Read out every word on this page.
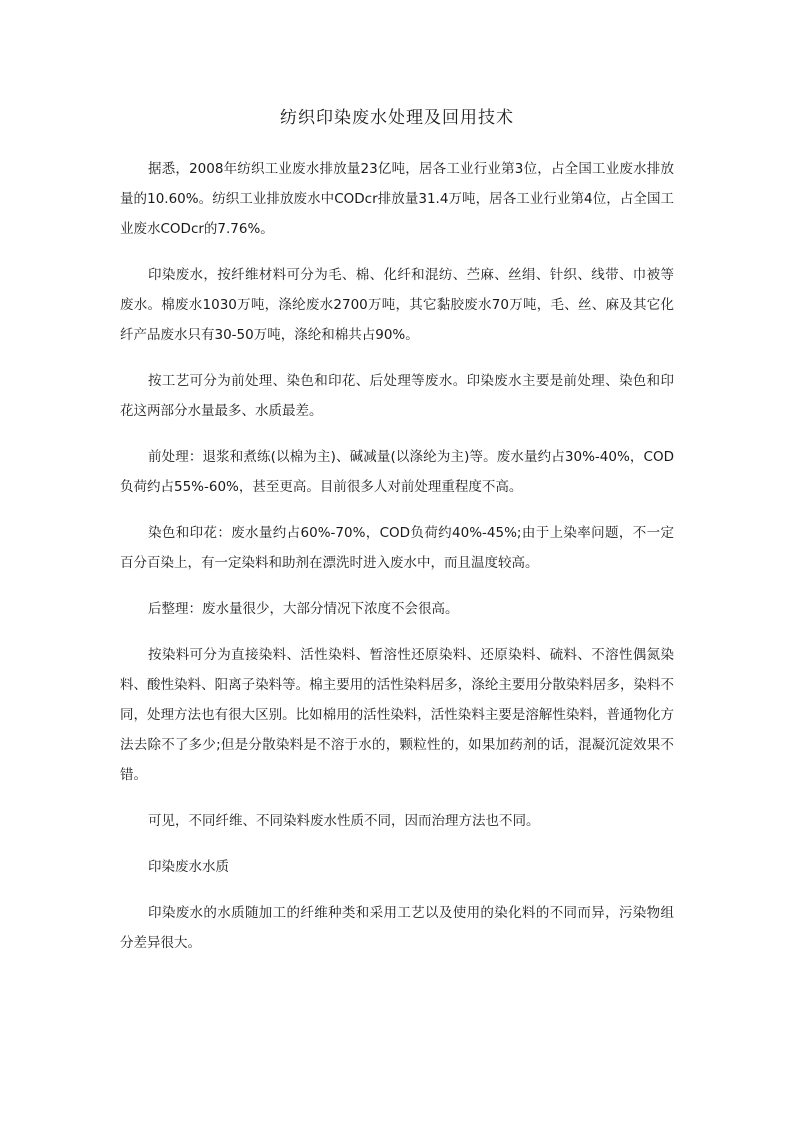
纺织印染废水处理及回用技术

据悉，2008年纺织工业废水排放量23亿吨，居各工业行业第3位，占全国工业废水排放量的10.60%。纺织工业排放废水中CODcr排放量31.4万吨，居各工业行业第4位，占全国工业废水CODcr的7.76%。

印染废水，按纤维材料可分为毛、棉、化纤和混纺、苎麻、丝绢、针织、线带、巾被等废水。棉废水1030万吨，涤纶废水2700万吨，其它黏胶废水70万吨，毛、丝、麻及其它化纤产品废水只有30-50万吨，涤纶和棉共占90%。

按工艺可分为前处理、染色和印花、后处理等废水。印染废水主要是前处理、染色和印花这两部分水量最多、水质最差。

前处理：退浆和煮练(以棉为主)、碱减量(以涤纶为主)等。废水量约占30%-40%，COD负荷约占55%-60%，甚至更高。目前很多人对前处理重程度不高。

染色和印花：废水量约占60%-70%，COD负荷约40%-45%;由于上染率问题，不一定百分百染上，有一定染料和助剂在漂洗时进入废水中，而且温度较高。

后整理：废水量很少，大部分情况下浓度不会很高。

按染料可分为直接染料、活性染料、暂溶性还原染料、还原染料、硫料、不溶性偶氮染料、酸性染料、阳离子染料等。棉主要用的活性染料居多，涤纶主要用分散染料居多，染料不同，处理方法也有很大区别。比如棉用的活性染料，活性染料主要是溶解性染料，普通物化方法去除不了多少;但是分散染料是不溶于水的，颗粒性的，如果加药剂的话，混凝沉淀效果不错。

可见，不同纤维、不同染料废水性质不同，因而治理方法也不同。

印染废水水质

印染废水的水质随加工的纤维种类和采用工艺以及使用的染化料的不同而异，污染物组分差异很大。
